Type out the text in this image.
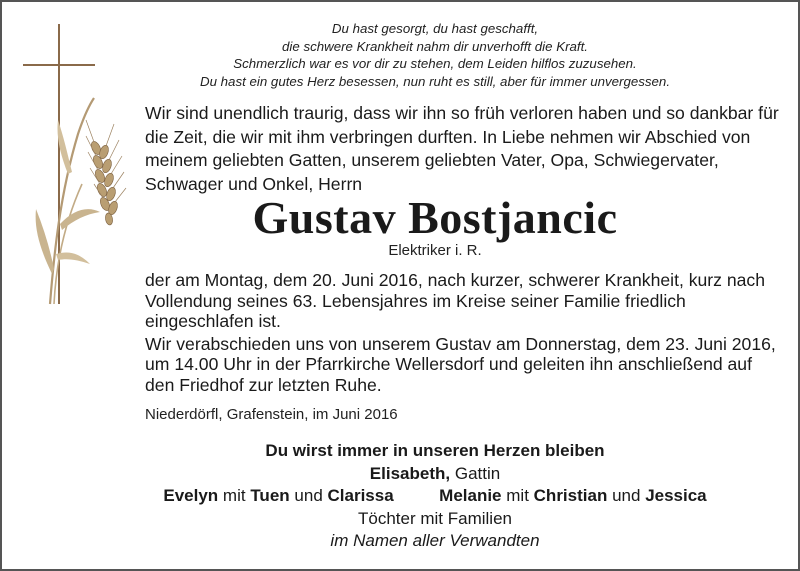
Du hast gesorgt, du hast geschafft,
die schwere Krankheit nahm dir unverhofft die Kraft.
Schmerzlich war es vor dir zu stehen, dem Leiden hilflos zuzusehen.
Du hast ein gutes Herz besessen, nun ruht es still, aber für immer unvergessen.
Wir sind unendlich traurig, dass wir ihn so früh verloren haben und so dankbar für die Zeit, die wir mit ihm verbringen durften. In Liebe nehmen wir Abschied von meinem geliebten Gatten, unserem geliebten Vater, Opa, Schwiegervater, Schwager und Onkel, Herrn
Gustav Bostjancic
Elektriker i. R.

der am Montag, dem 20. Juni 2016, nach kurzer, schwerer Krankheit, kurz nach Vollendung seines 63. Lebensjahres im Kreise seiner Familie friedlich eingeschlafen ist.

Wir verabschieden uns von unserem Gustav am Donnerstag, dem 23. Juni 2016, um 14.00 Uhr in der Pfarrkirche Wellersdorf und geleiten ihn anschließend auf den Friedhof zur letzten Ruhe.

Niederdörfl, Grafenstein, im Juni 2016
Du wirst immer in unseren Herzen bleiben
Elisabeth, Gattin
Evelyn mit Tuen und Clarissa	Melanie mit Christian und Jessica
Töchter mit Familien
im Namen aller Verwandten
